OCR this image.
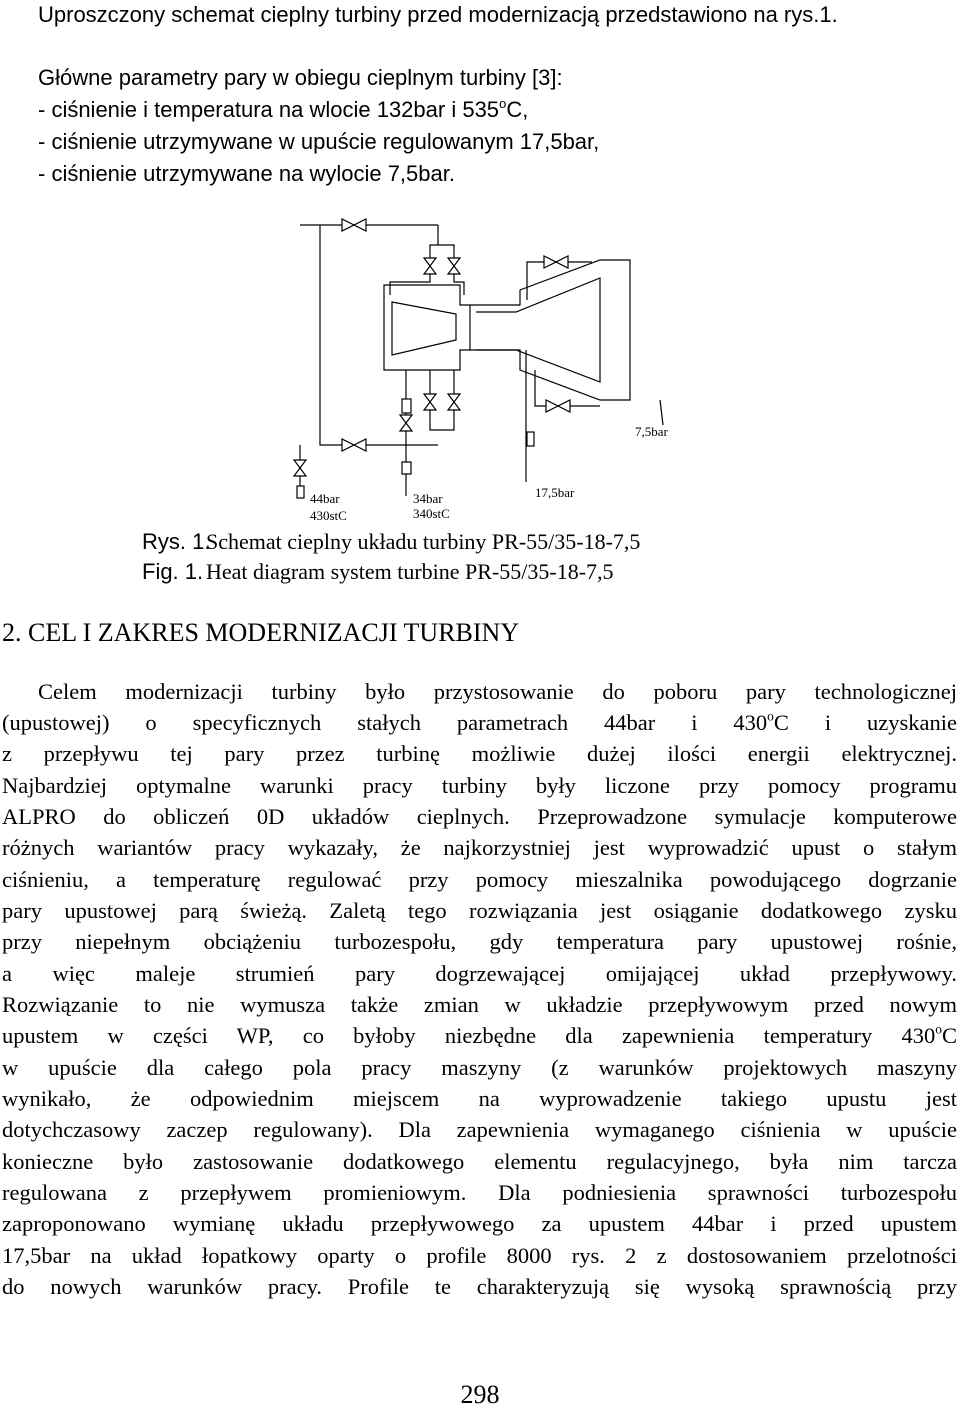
Uproszczony schemat cieplny turbiny przed modernizacją przedstawiono na rys.1.
Główne parametry pary w obiegu cieplnym turbiny [3]:
- ciśnienie i temperatura na wlocie 132bar i 535$^o$C,
- ciśnienie utrzymywane w upuście regulowanym 17,5bar,
- ciśnienie utrzymywane na wylocie 7,5bar.
7,5bar
44bar
430stC
34bar
340stC
17,5bar
Rys. 1.
Schemat cieplny układu turbiny PR-55/35-18-7,5
Fig. 1. Heat diagram system turbine PR-55/35-18-7,5
2. CEL I ZAKRES MODERNIZACJI TURBINY
Celem modernizacji turbiny było przystosowanie do poboru pary technologicznej
(upustowej) o specyficznych stałych parametrach 44bar i 430$^o$C i uzyskanie
z przepływu tej pary przez turbinę możliwie dużej ilości energii elektrycznej.
Najbardziej optymalne warunki pracy turbiny były liczone przy pomocy programu
ALPRO do obliczeń 0D układów cieplnych. Przeprowadzone symulacje komputerowe
różnych wariantów pracy wykazały, że najkorzystniej jest wyprowadzić upust o stałym
ciśnieniu, a temperaturę regulować przy pomocy mieszalnika powodującego dogrzanie
pary upustowej parą świeżą. Zaletą tego rozwiązania jest osiąganie dodatkowego zysku
przy niepełnym obciążeniu turbozespołu, gdy temperatura pary upustowej rośnie,
a więc maleje strumień pary dogrzewającej omijającej układ przepływowy.
Rozwiązanie to nie wymusza także zmian w układzie przepływowym przed nowym
upustem w części WP, co byłoby niezbędne dla zapewnienia temperatury 430$^o$C
w upuście dla całego pola pracy maszyny (z warunków projektowych maszyny
wynikało, że odpowiednim miejscem na wyprowadzenie takiego upustu jest
dotychczasowy zaczep regulowany). Dla zapewnienia wymaganego ciśnienia w upuście
konieczne było zastosowanie dodatkowego elementu regulacyjnego, była nim tarcza
regulowana z przepływem promieniowym. Dla podniesienia sprawności turbozespołu
zaproponowano wymianę układu przepływowego za upustem 44bar i przed upustem
17,5bar na układ łopatkowy oparty o profile 8000 rys. 2 z dostosowaniem przelotności
do nowych warunków pracy. Profile te charakteryzują się wysoką sprawnością przy
298
